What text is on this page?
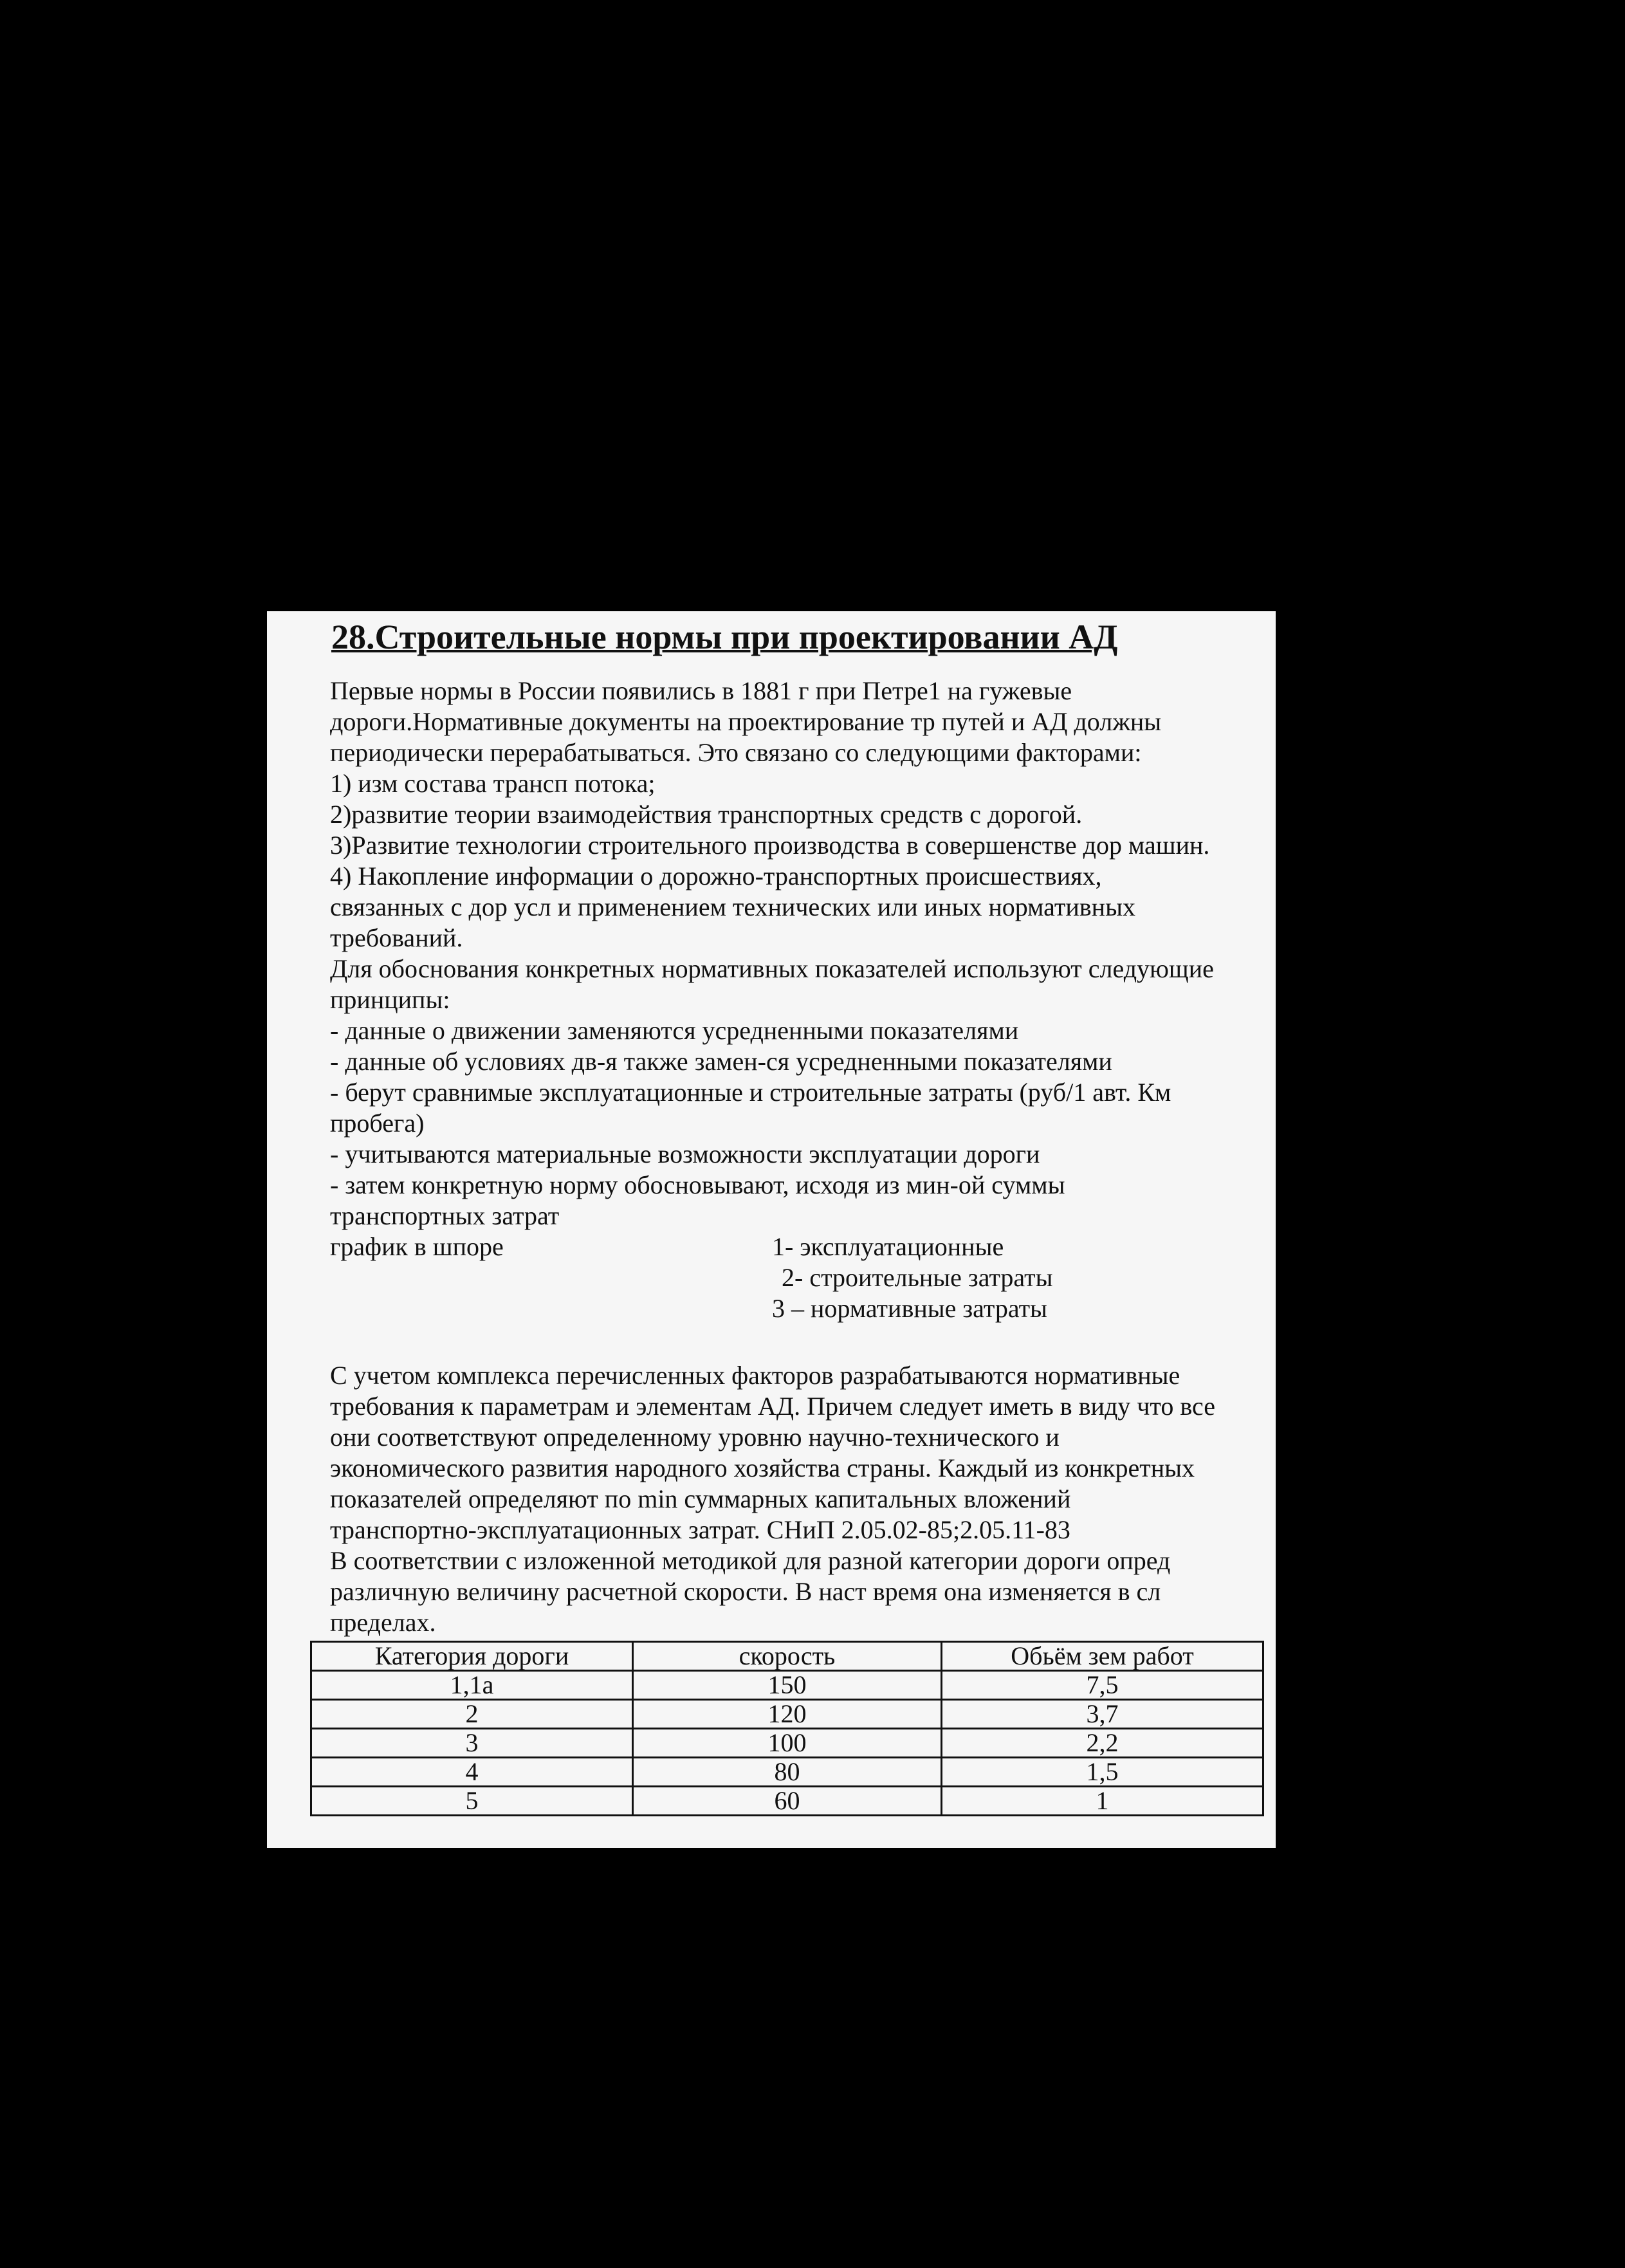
28.Строительные нормы при проектировании АД
Первые нормы в России появились в 1881 г при Петре1 на гужевые
дороги.Нормативные документы на проектирование тр путей и АД должны
периодически перерабатываться. Это связано со следующими факторами:
1) изм состава трансп потока;
2)развитие теории взаимодействия транспортных средств с дорогой.
3)Развитие технологии строительного производства в совершенстве дор машин.
4) Накопление информации о дорожно-транспортных происшествиях,
связанных с дор усл и применением технических или иных нормативных
требований.
Для обоснования конкретных нормативных показателей используют следующие
принципы:
- данные о движении заменяются усредненными показателями
- данные об условиях дв-я также замен-ся усредненными показателями
- берут сравнимые эксплуатационные и строительные затраты (руб/1 авт. Км
пробега)
- учитываются материальные возможности эксплуатации дороги
- затем конкретную норму обосновывают, исходя из мин-ой суммы
транспортных затрат
график в шпоре	1- эксплуатационные
2- строительные затраты
3 – нормативные затраты
С учетом комплекса перечисленных факторов разрабатываются нормативные
требования к параметрам и элементам АД. Причем следует иметь в виду что все
они соответствуют определенному уровню научно-технического и
экономического развития народного хозяйства страны. Каждый из конкретных
показателей определяют по min суммарных капитальных вложений
транспортно-эксплуатационных затрат. СНиП 2.05.02-85;2.05.11-83
В соответствии с изложенной методикой для разной категории дороги опред
различную величину расчетной скорости. В наст время она изменяется в сл
пределах.
Категория дороги	скорость	Обьём зем работ
1,1а	150	7,5
2	120	3,7
3	100	2,2
4	80	1,5
5	60	1
